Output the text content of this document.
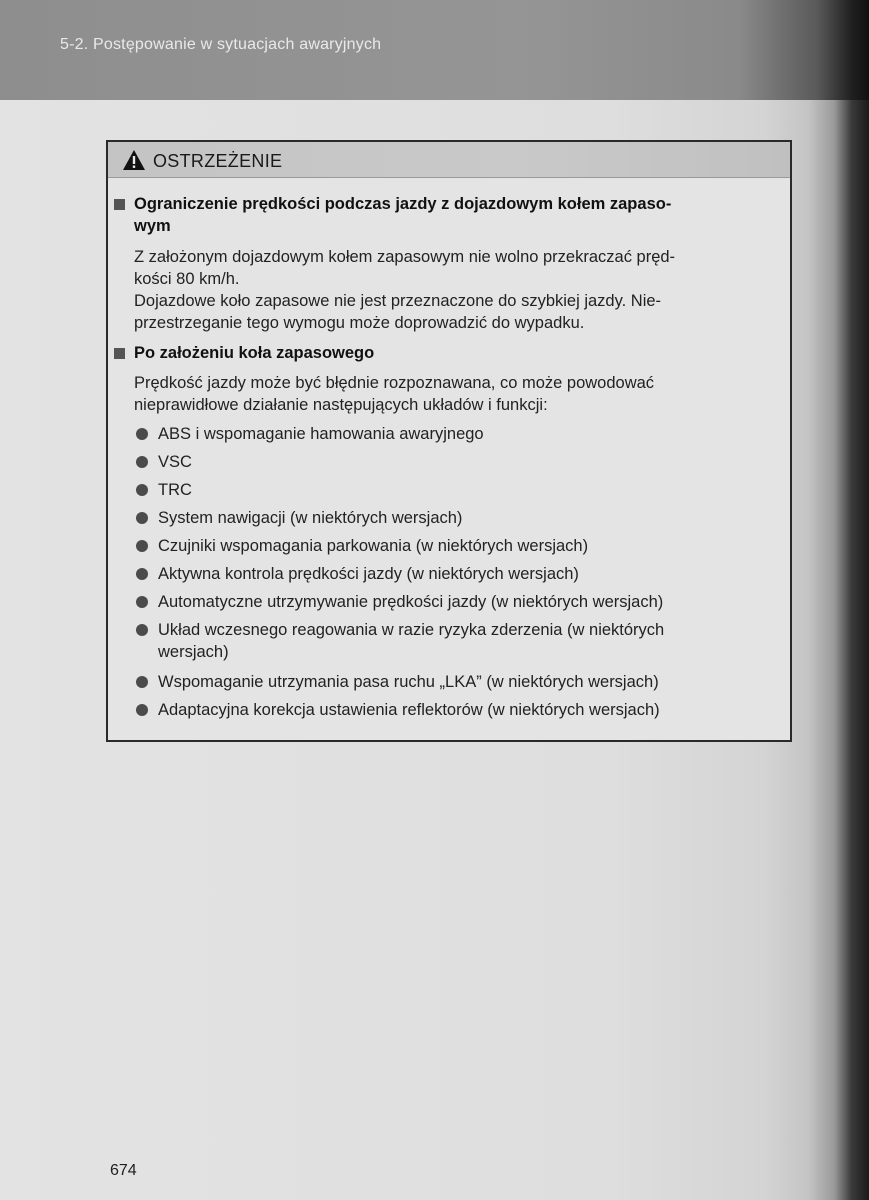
5-2. Postępowanie w sytuacjach awaryjnych
OSTRZEŻENIE
Ograniczenie prędkości podczas jazdy z dojazdowym kołem zapaso-
wym
Z założonym dojazdowym kołem zapasowym nie wolno przekraczać pręd-
kości 80 km/h.
Dojazdowe koło zapasowe nie jest przeznaczone do szybkiej jazdy. Nie-
przestrzeganie tego wymogu może doprowadzić do wypadku.
Po założeniu koła zapasowego
Prędkość jazdy może być błędnie rozpoznawana, co może powodować
nieprawidłowe działanie następujących układów i funkcji:
ABS i wspomaganie hamowania awaryjnego
VSC
TRC
System nawigacji (w niektórych wersjach)
Czujniki wspomagania parkowania (w niektórych wersjach)
Aktywna kontrola prędkości jazdy (w niektórych wersjach)
Automatyczne utrzymywanie prędkości jazdy (w niektórych wersjach)
Układ wczesnego reagowania w razie ryzyka zderzenia (w niektórych
wersjach)
Wspomaganie utrzymania pasa ruchu „LKA” (w niektórych wersjach)
Adaptacyjna korekcja ustawienia reflektorów (w niektórych wersjach)
674
